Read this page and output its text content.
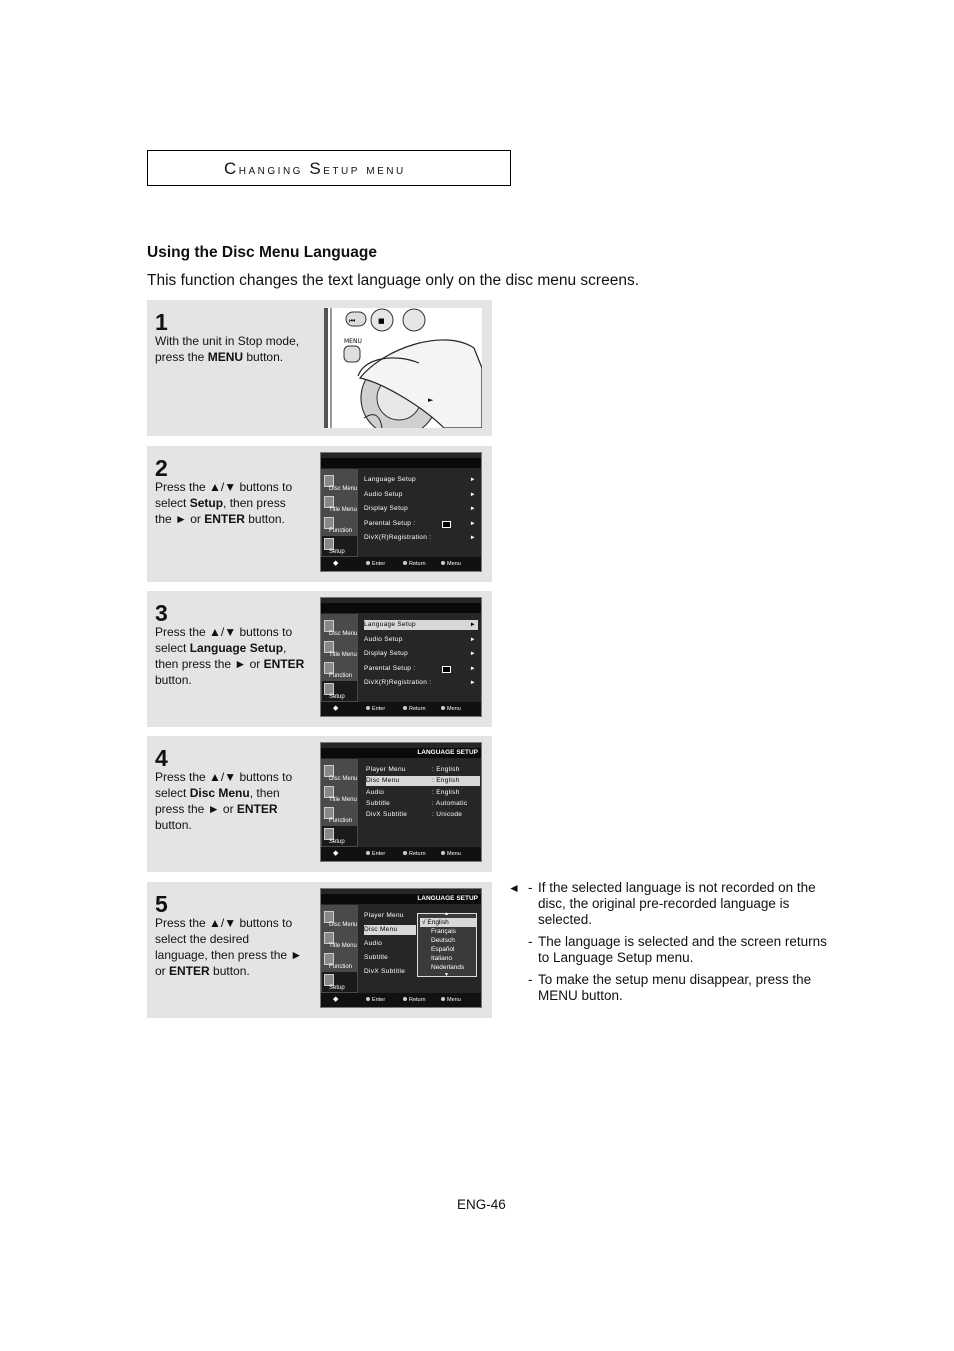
Changing Setup menu
Using the Disc Menu Language
This function changes the text language only on the disc menu screens.
1
With the unit in Stop mode, press the MENU button.
⏮	■
MENU
►
2
Press the ▲/▼ buttons to select Setup, then press the ► or ENTER button.
Disc Menu
Title Menu
Function
Setup
Language Setup	►
Audio Setup	►
Display Setup	►
Parental Setup :	►
DivX(R)Registration :	►
◆	Enter	Return	Menu
3
Press the ▲/▼ buttons to select Language Setup, then press the ► or ENTER button.
Disc Menu
Title Menu
Function
Setup
Language Setup	►
Audio Setup	►
Display Setup	►
Parental Setup :	►
DivX(R)Registration :	►
◆	Enter	Return	Menu
4
Press the ▲/▼ buttons to select Disc Menu, then press the ► or ENTER button.
LANGUAGE SETUP
Disc Menu
Title Menu
Function
Setup
Player Menu	: English
Disc Menu	: English
Audio	: English
Subtitle	: Automatic
DivX Subtitle	: Unicode
◆	Enter	Return	Menu
5
Press the ▲/▼ buttons to select the desired language, then press the ► or ENTER button.
LANGUAGE SETUP
Disc Menu
Title Menu
Function
Setup
Player Menu
Disc Menu
Audio
Subtitle
DivX Subtitle
▲
√ English
Français
Deutsch
Español
Italiano
Nederlands
▼
◆	Enter	Return	Menu
◄ - If the selected language is not recorded on the disc, the original pre-recorded language is selected.
- The language is selected and the screen returns to Language Setup menu.
- To make the setup menu disappear, press the MENU button.
ENG-46
